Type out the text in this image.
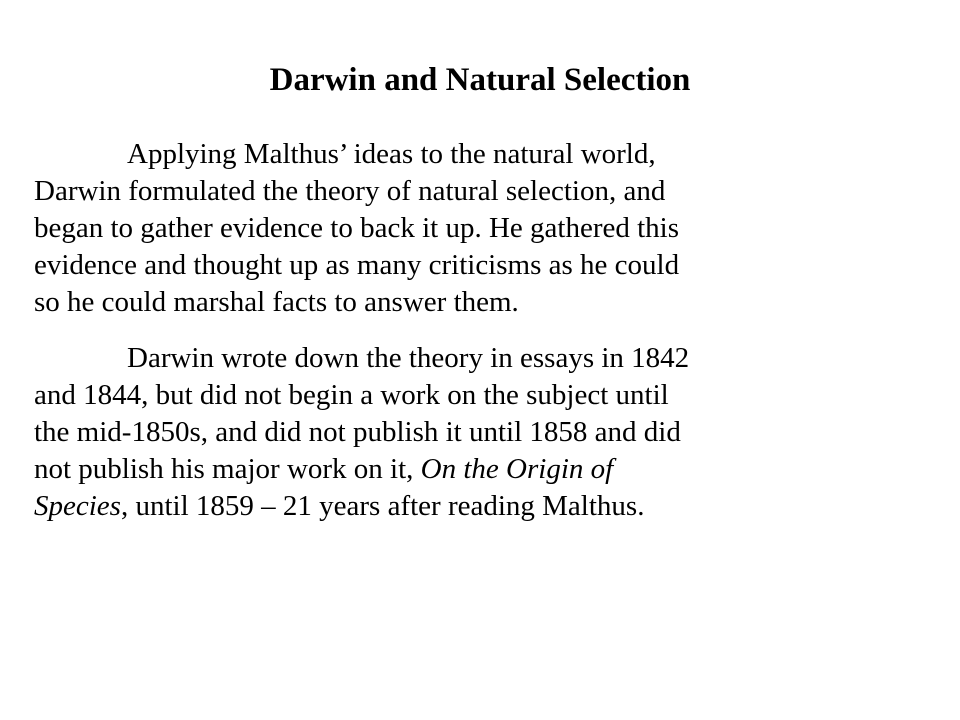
Darwin and Natural Selection
Applying Malthus’ ideas to the natural world,
Darwin formulated the theory of natural selection, and
began to gather evidence to back it up. He gathered this
evidence and thought up as many criticisms as he could
so he could marshal facts to answer them.
Darwin wrote down the theory in essays in 1842
and 1844, but did not begin a work on the subject until
the mid-1850s, and did not publish it until 1858 and did
not publish his major work on it, On the Origin of
Species, until 1859 – 21 years after reading Malthus.
